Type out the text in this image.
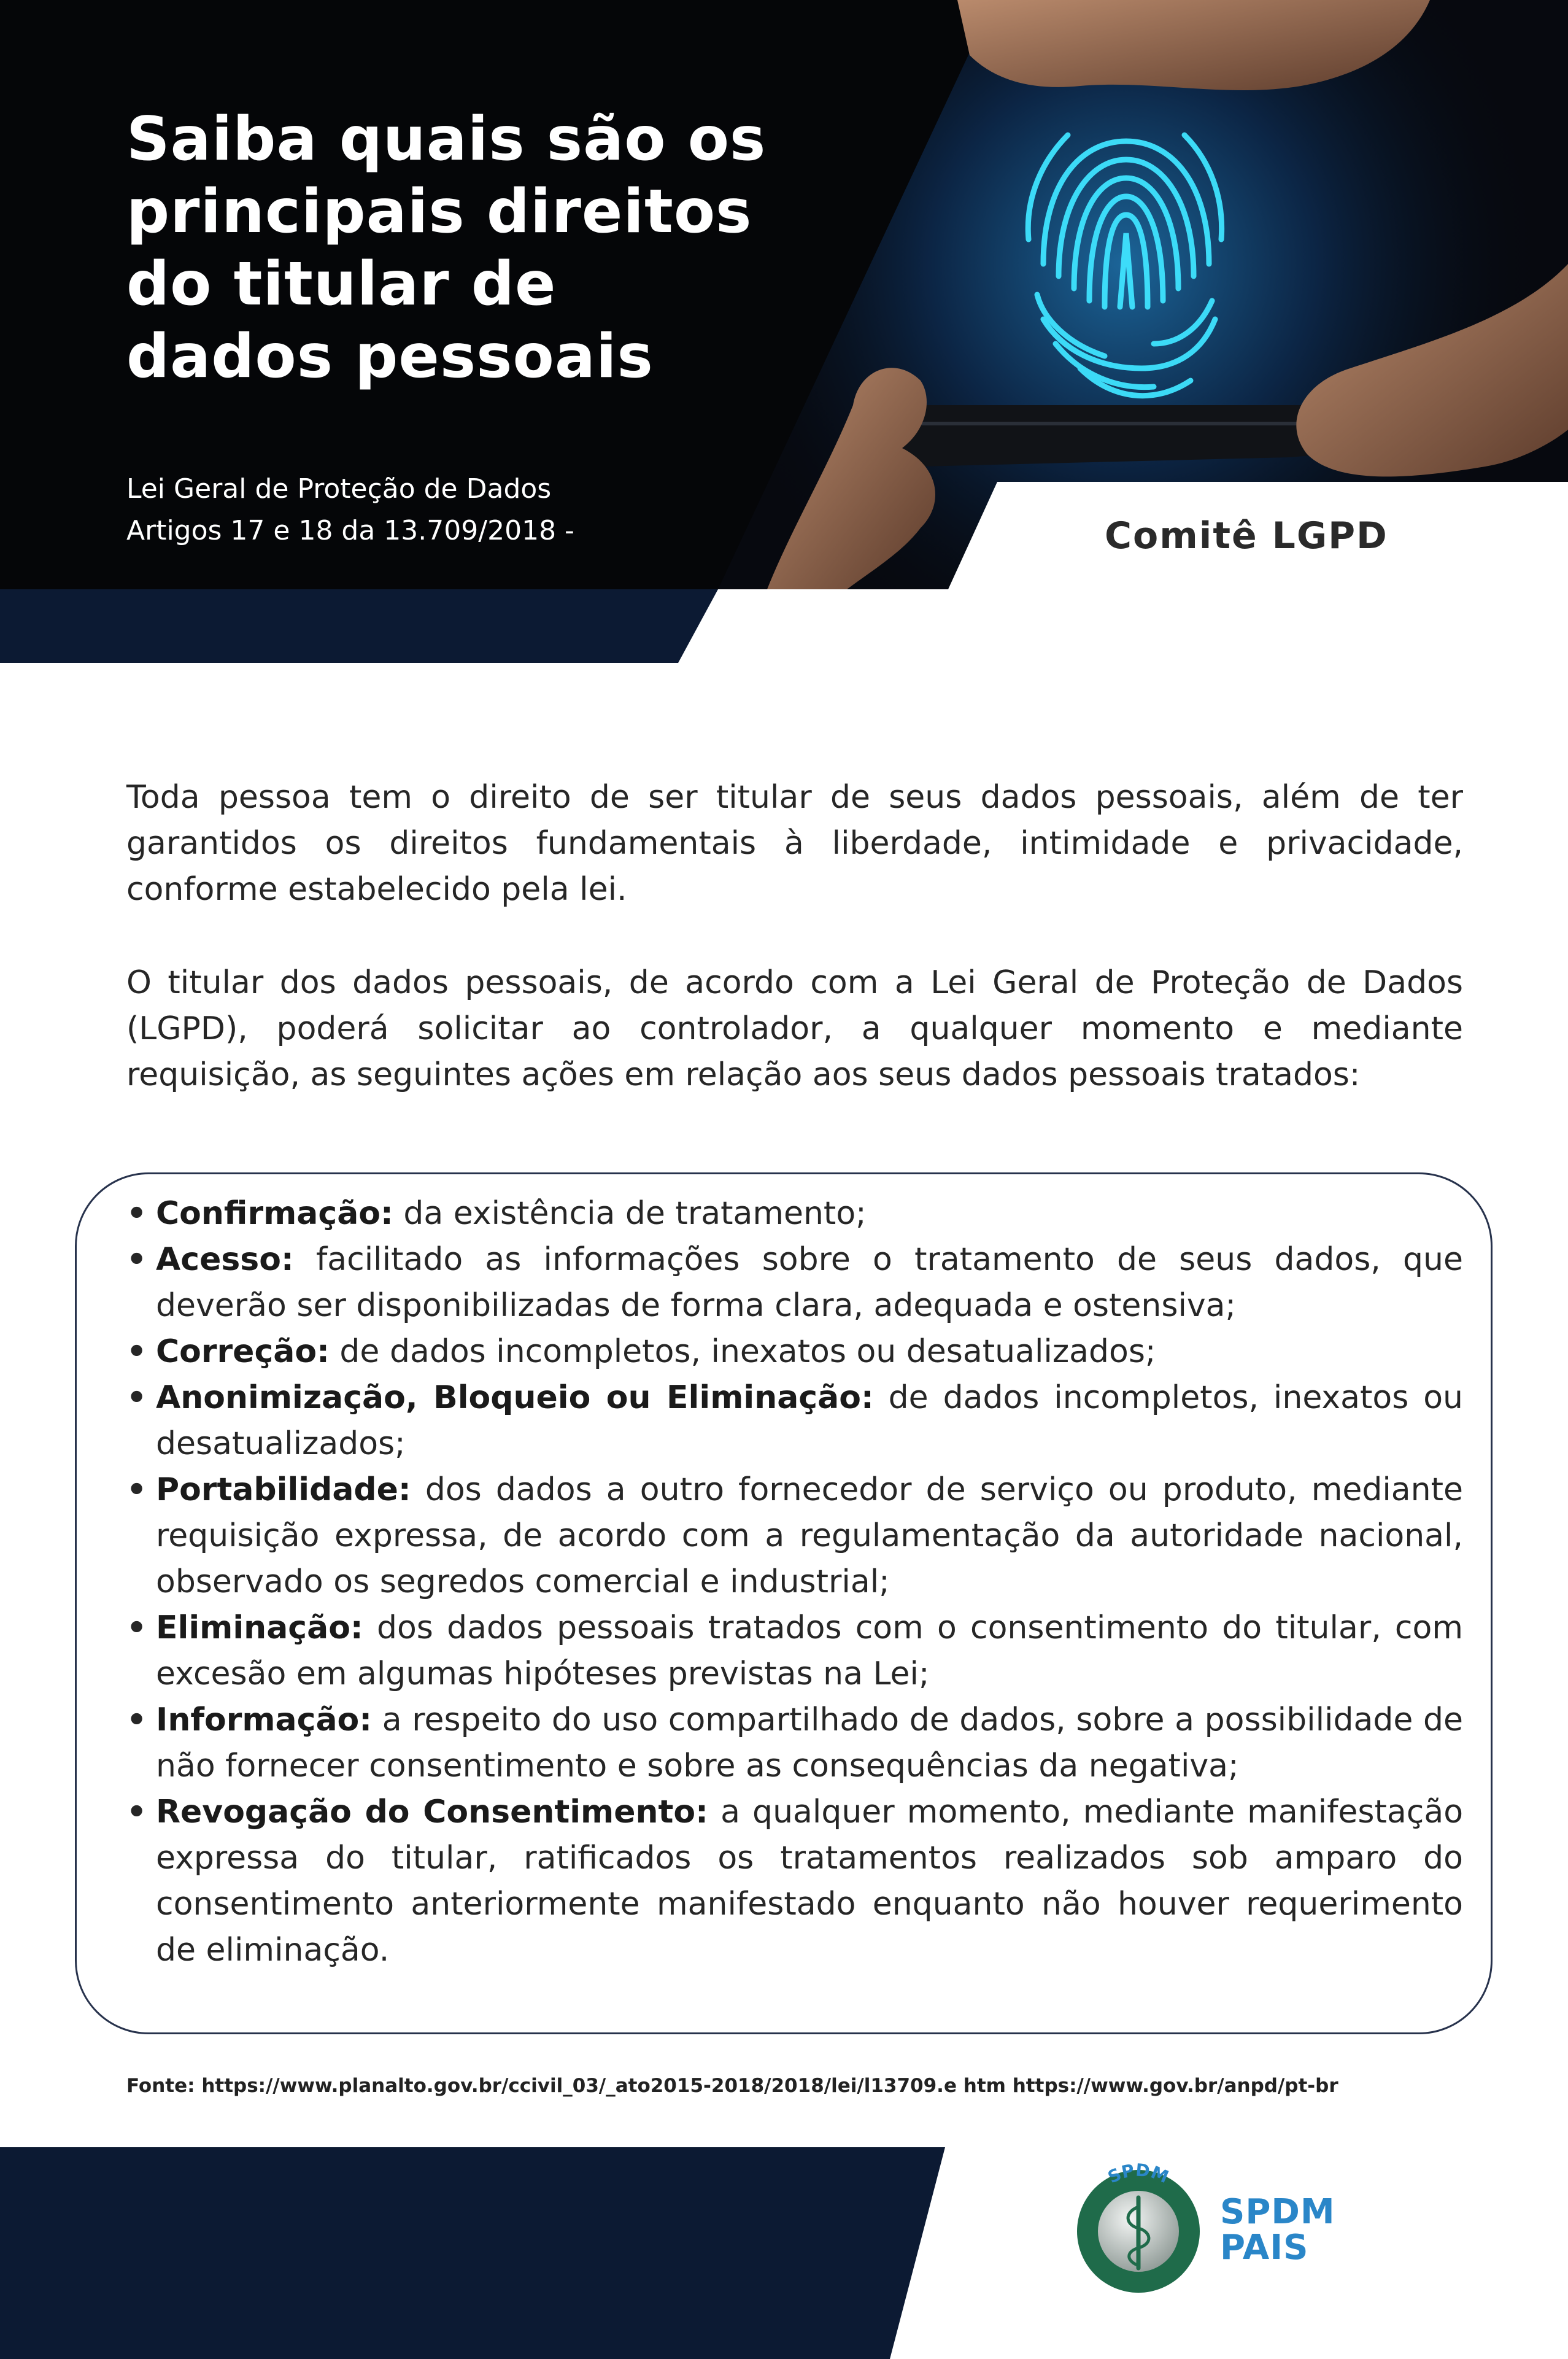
Saiba quais são os
principais direitos
do titular de
dados pessoais
Lei Geral de Proteção de Dados
Artigos 17 e 18 da 13.709/2018 -	Comitê LGPD

Toda pessoa tem o direito de ser titular de seus dados pessoais, além de ter garantidos os direitos fundamentais à liberdade, intimidade e privacidade, conforme estabelecido pela lei.

O titular dos dados pessoais, de acordo com a Lei Geral de Proteção de Dados (LGPD), poderá solicitar ao controlador, a qualquer momento e mediante requisição, as seguintes ações em relação aos seus dados pessoais tratados:

• Confirmação: da existência de tratamento;
• Acesso: facilitado as informações sobre o tratamento de seus dados, que deverão ser disponibilizadas de forma clara, adequada e ostensiva;
• Correção: de dados incompletos, inexatos ou desatualizados;
• Anonimização, Bloqueio ou Eliminação: de dados incompletos, inexatos ou desatualizados;
• Portabilidade: dos dados a outro fornecedor de serviço ou produto, mediante requisição expressa, de acordo com a regulamentação da autoridade nacional, observado os segredos comercial e industrial;
• Eliminação: dos dados pessoais tratados com o consentimento do titular, com excesão em algumas hipóteses previstas na Lei;
• Informação: a respeito do uso compartilhado de dados, sobre a possibilidade de não fornecer consentimento e sobre as consequências da negativa;
• Revogação do Consentimento: a qualquer momento, mediante manifestação expressa do titular, ratificados os tratamentos realizados sob amparo do consentimento anteriormente manifestado enquanto não houver requerimento de eliminação.
Fonte: https://www.planalto.gov.br/ccivil_03/_ato2015-2018/2018/lei/l13709.e htm https://www.gov.br/anpd/pt-br
SPDM
SPDM
PAIS
